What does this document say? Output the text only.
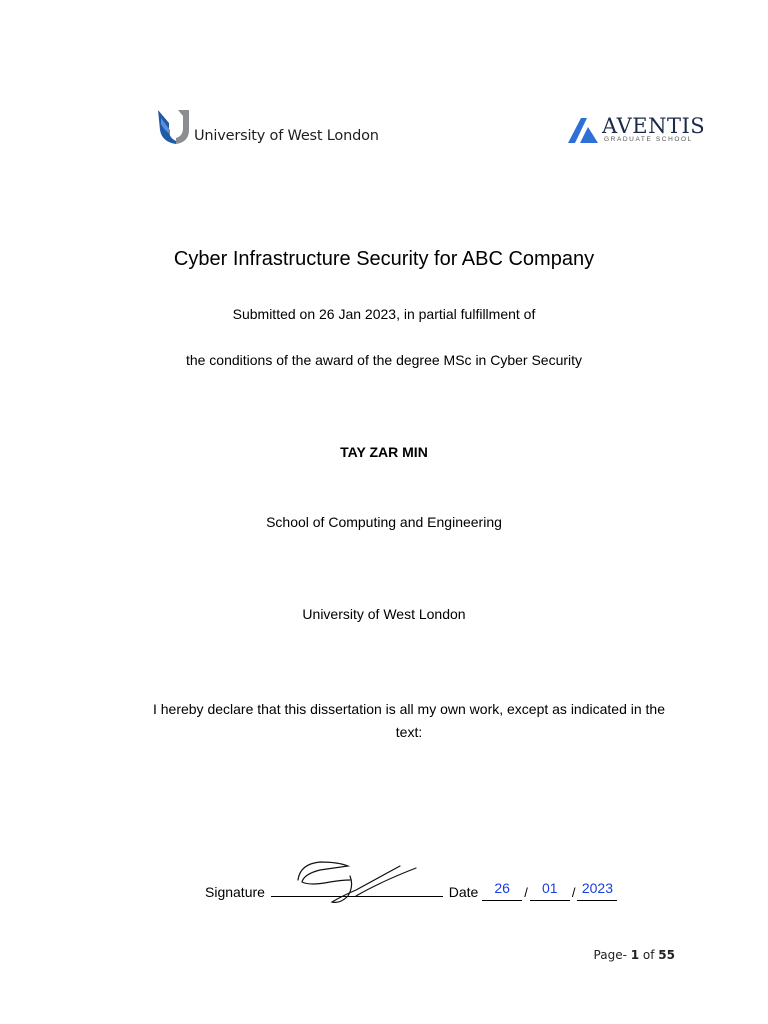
University of West London	AVENTIS
GRADUATE SCHOOL
Cyber Infrastructure Security for ABC Company
Submitted on 26 Jan 2023, in partial fulfillment of
the conditions of the award of the degree MSc in Cyber Security
TAY ZAR MIN
School of Computing and Engineering
University of West London
I hereby declare that this dissertation is all my own work, except as indicated in the text:
Signature	Date 26 / 01 / 2023
Page- 1 of 55
